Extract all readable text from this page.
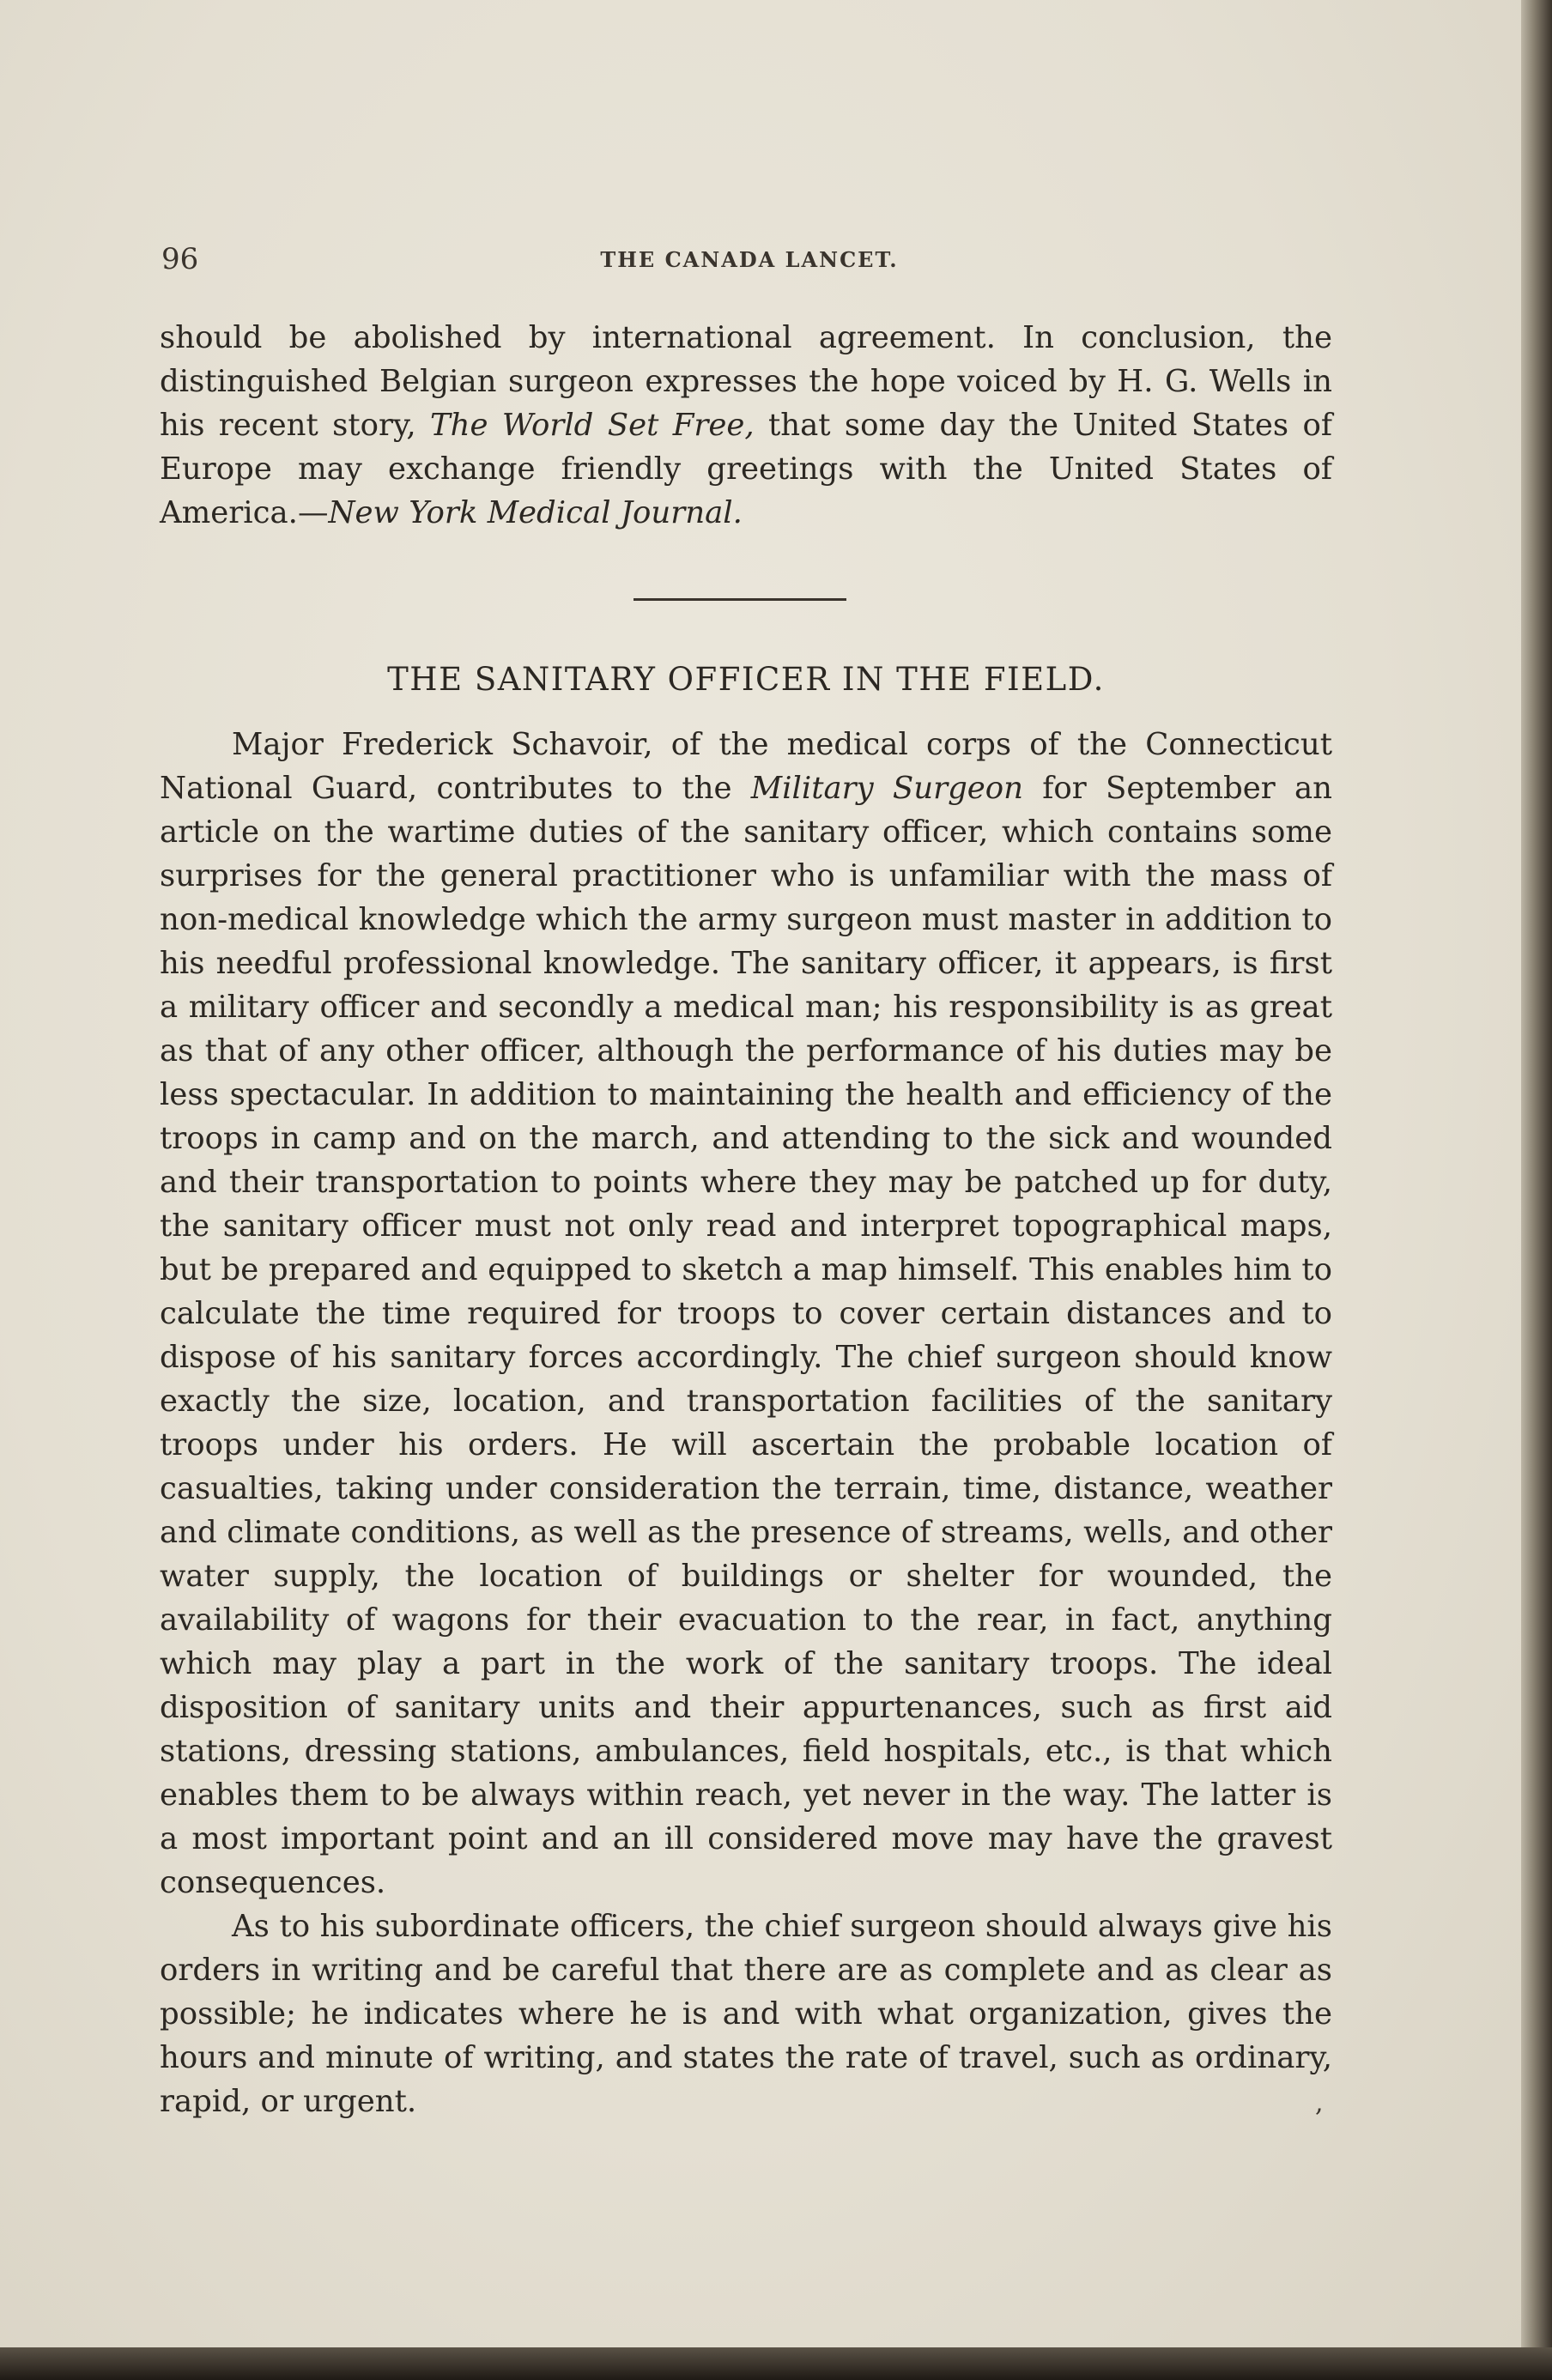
96	THE CANADA LANCET.

should be abolished by international agreement. In conclusion, the distinguished Belgian surgeon expresses the hope voiced by H. G. Wells in his recent story, The World Set Free, that some day the United States of Europe may exchange friendly greetings with the United States of America.—New York Medical Journal.

THE SANITARY OFFICER IN THE FIELD.

Major Frederick Schavoir, of the medical corps of the Connecticut National Guard, contributes to the Military Surgeon for September an article on the wartime duties of the sanitary officer, which contains some surprises for the general practitioner who is unfamiliar with the mass of non-medical knowledge which the army surgeon must master in addition to his needful professional knowledge. The sanitary officer, it appears, is first a military officer and secondly a medical man; his responsibility is as great as that of any other officer, although the performance of his duties may be less spectacular. In addition to maintaining the health and efficiency of the troops in camp and on the march, and attending to the sick and wounded and their transportation to points where they may be patched up for duty, the sanitary officer must not only read and interpret topographical maps, but be prepared and equipped to sketch a map himself. This enables him to calculate the time required for troops to cover certain distances and to dispose of his sanitary forces accordingly. The chief surgeon should know exactly the size, location, and transportation facilities of the sanitary troops under his orders. He will ascertain the probable location of casualties, taking under consideration the terrain, time, distance, weather and climate conditions, as well as the presence of streams, wells, and other water supply, the location of buildings or shelter for wounded, the availability of wagons for their evacuation to the rear, in fact, anything which may play a part in the work of the sanitary troops. The ideal disposition of sanitary units and their appurtenances, such as first aid stations, dressing stations, ambulances, field hospitals, etc., is that which enables them to be always within reach, yet never in the way. The latter is a most important point and an ill considered move may have the gravest consequences.

As to his subordinate officers, the chief surgeon should always give his orders in writing and be careful that there are as complete and as clear as possible; he indicates where he is and with what organization, gives the hours and minute of writing, and states the rate of travel, such as ordinary, rapid, or urgent.	,
